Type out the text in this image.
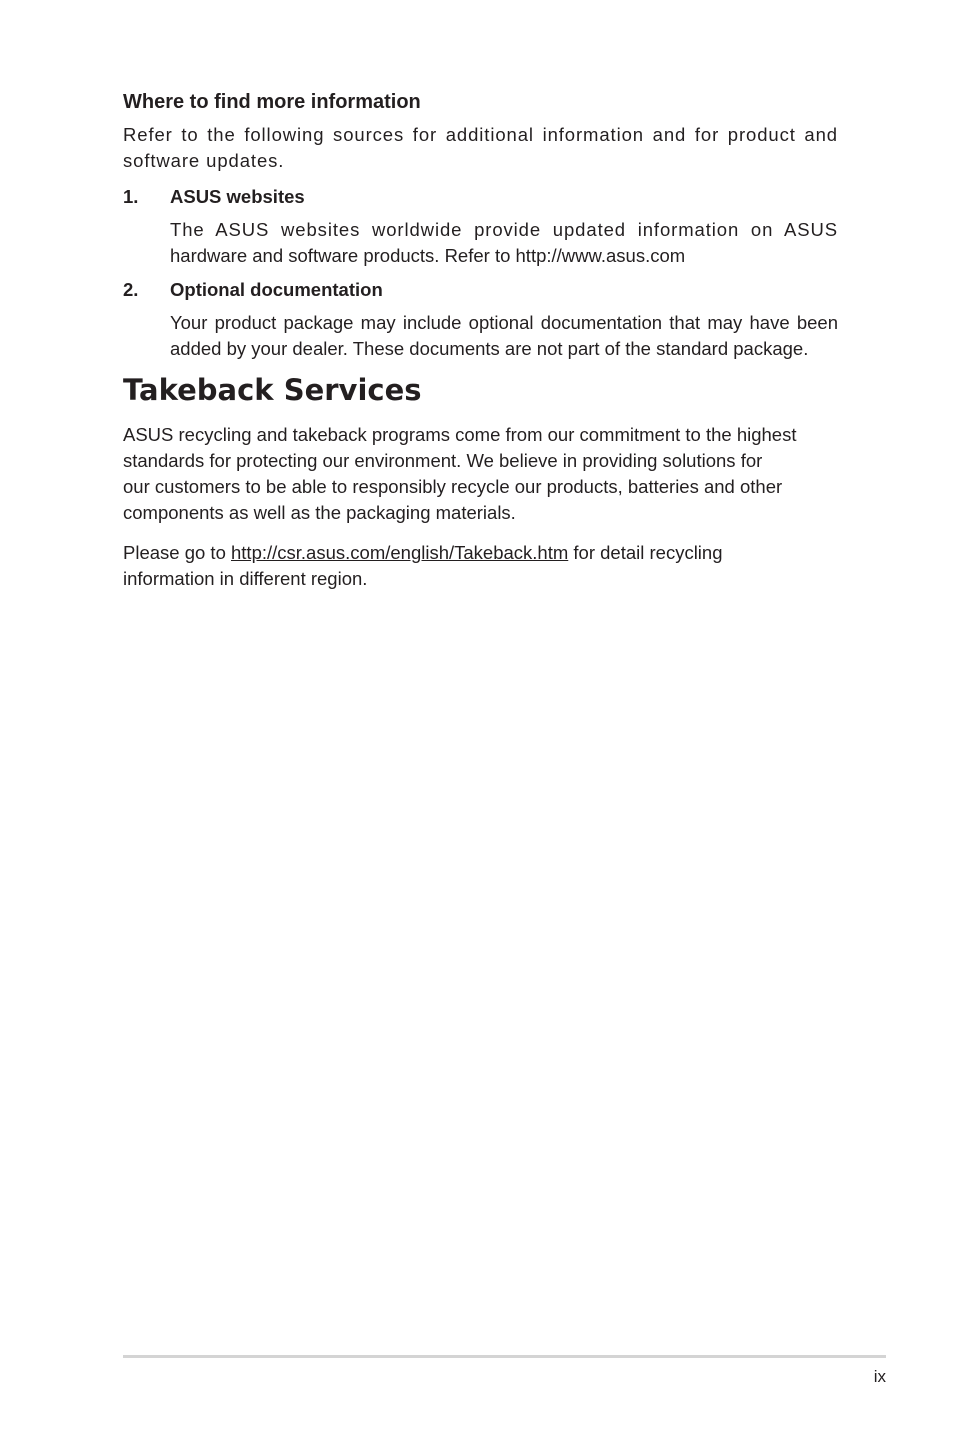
Where to find more information

Refer to the following sources for additional information and for product and software updates.

1.	ASUS websites
The ASUS websites worldwide provide updated information on ASUS
hardware and software products. Refer to http://www.asus.com
2.	Optional documentation

Your product package may include optional documentation that may have been added by your dealer. These documents are not part of the standard package.

Takeback Services
ASUS recycling and takeback programs come from our commitment to the highest
standards for protecting our environment. We believe in providing solutions for
our customers to be able to responsibly recycle our products, batteries and other
components as well as the packaging materials.
Please go to http://csr.asus.com/english/Takeback.htm for detail recycling
information in different region.
ix
